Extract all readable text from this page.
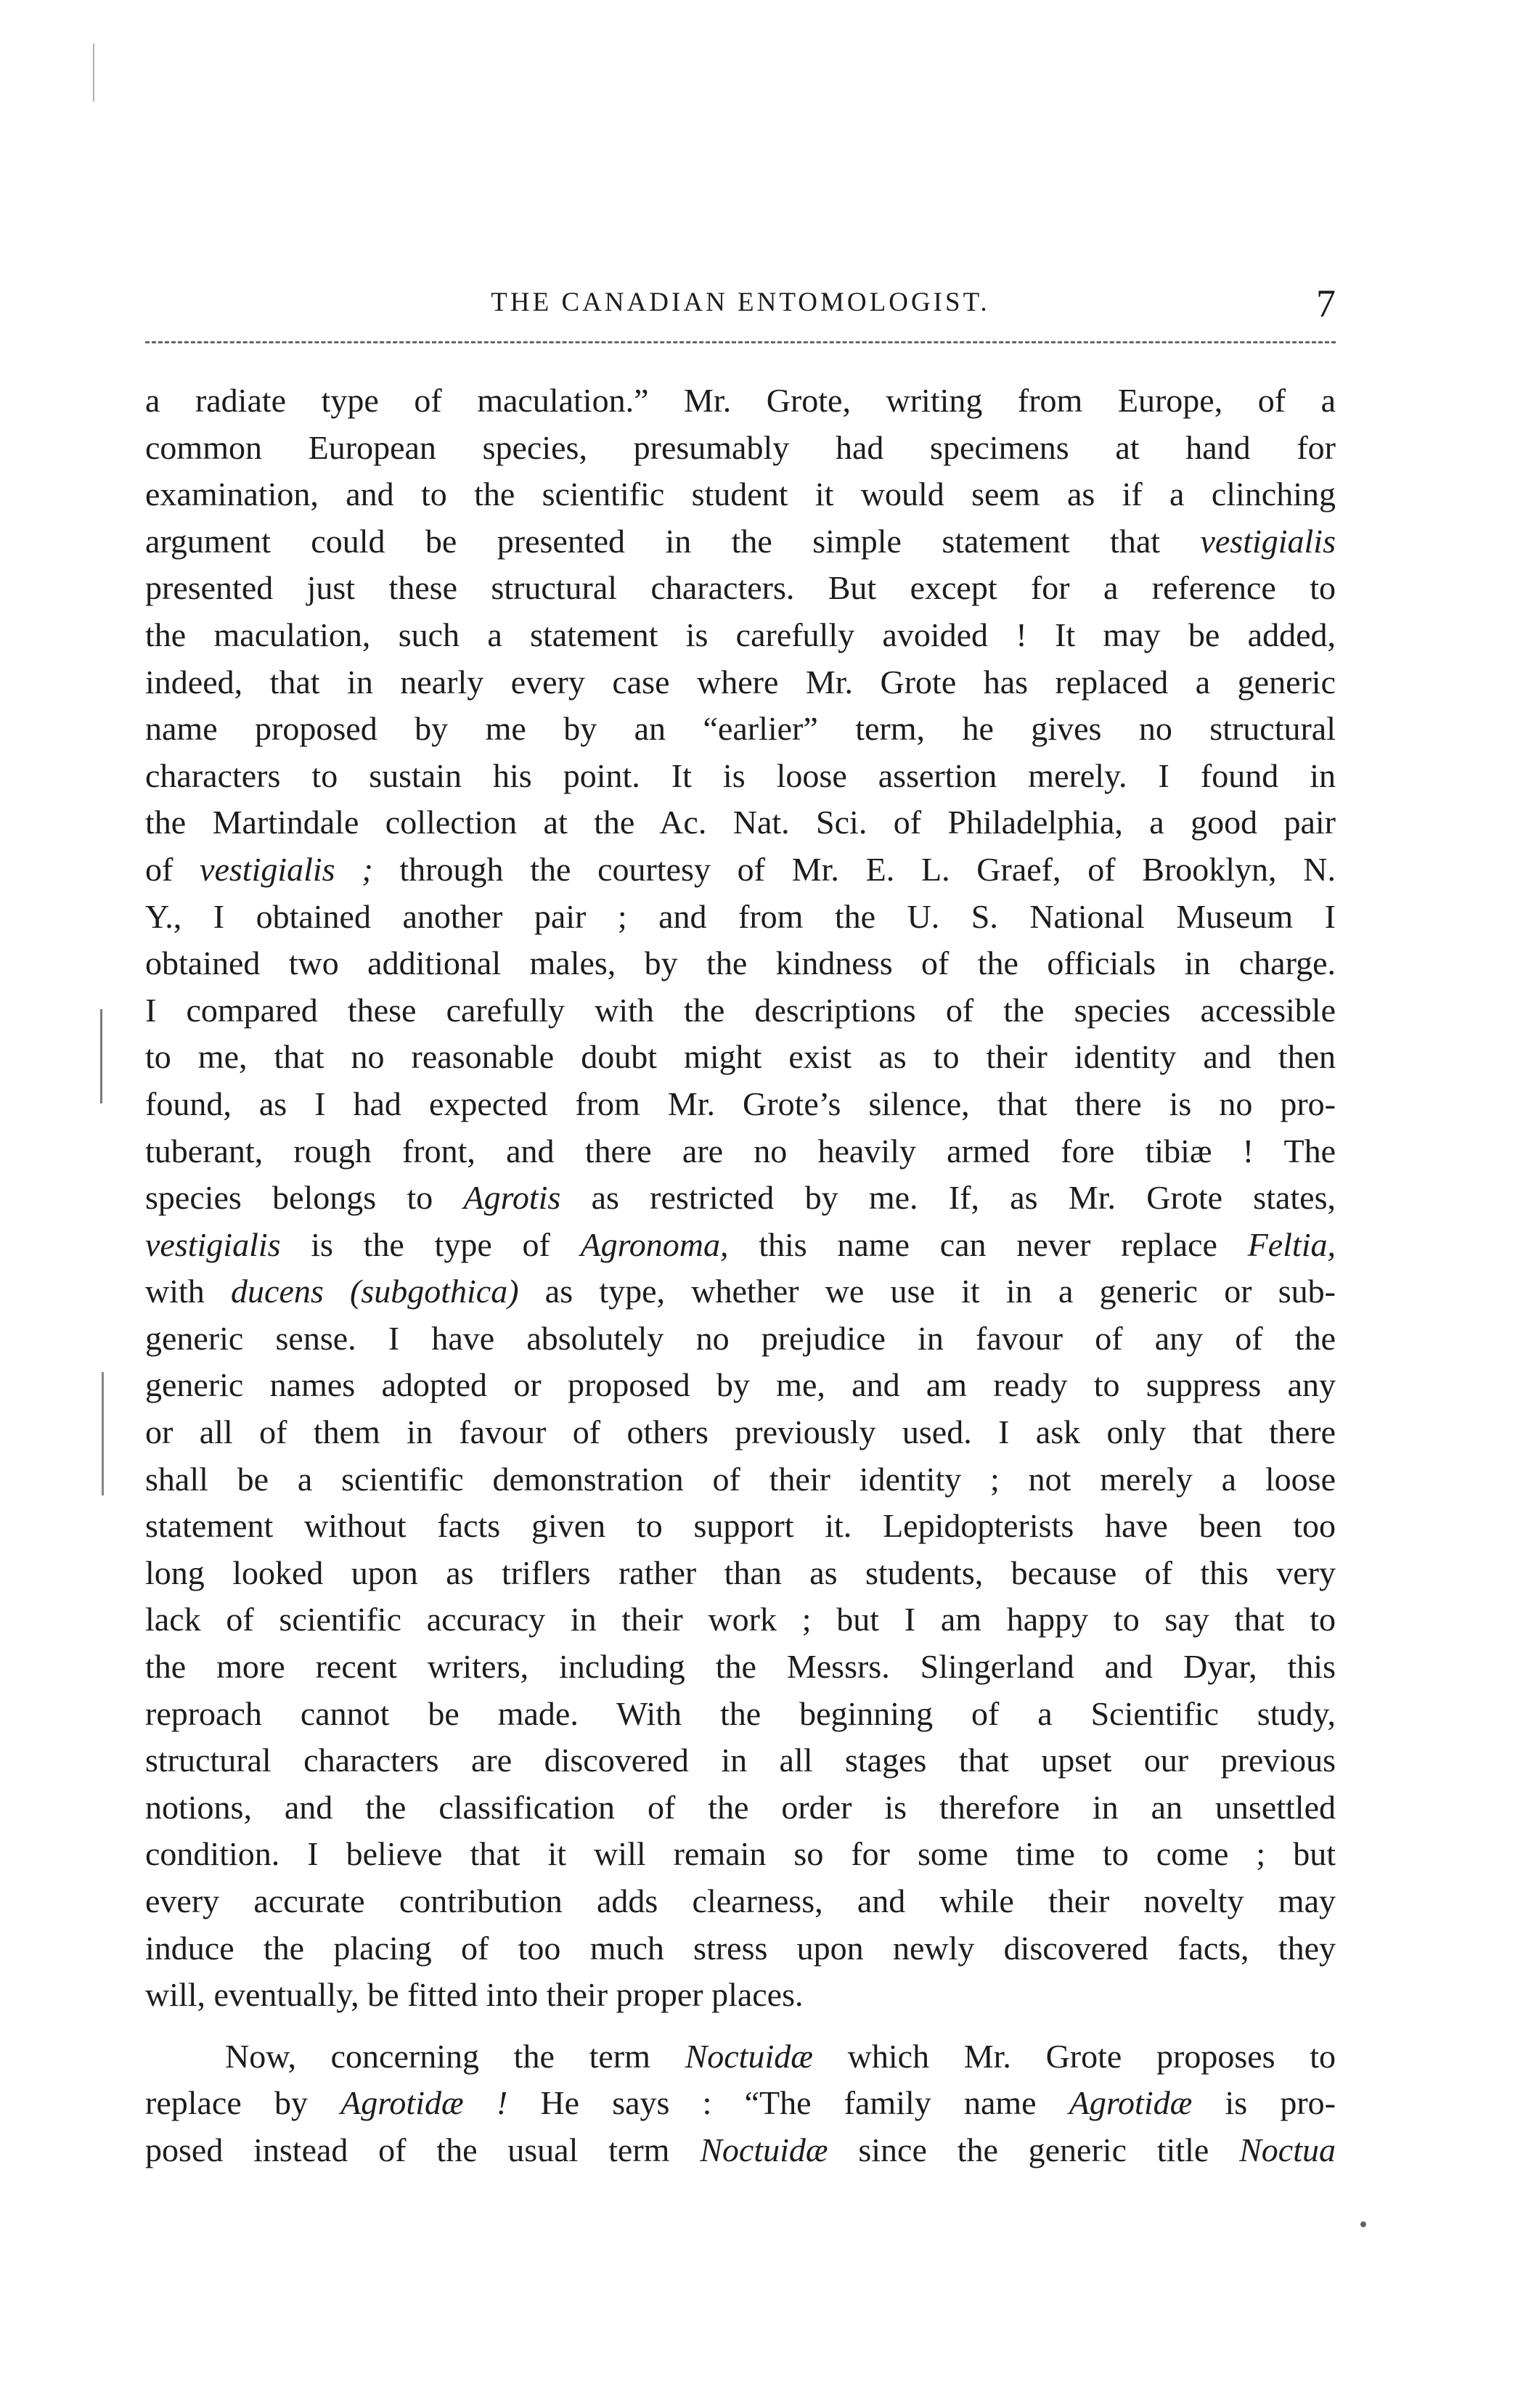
THE CANADIAN ENTOMOLOGIST.	7
a radiate type of maculation.” Mr. Grote, writing from Europe, of a
common European species, presumably had specimens at hand for
examination, and to the scientific student it would seem as if a clinching
argument could be presented in the simple statement that vestigialis
presented just these structural characters. But except for a reference to
the maculation, such a statement is carefully avoided ! It may be added,
indeed, that in nearly every case where Mr. Grote has replaced a generic
name proposed by me by an “earlier” term, he gives no structural
characters to sustain his point. It is loose assertion merely. I found in
the Martindale collection at the Ac. Nat. Sci. of Philadelphia, a good pair
of vestigialis ; through the courtesy of Mr. E. L. Graef, of Brooklyn, N.
Y., I obtained another pair ; and from the U. S. National Museum I
obtained two additional males, by the kindness of the officials in charge.
I compared these carefully with the descriptions of the species accessible
to me, that no reasonable doubt might exist as to their identity and then
found, as I had expected from Mr. Grote’s silence, that there is no pro-
tuberant, rough front, and there are no heavily armed fore tibiæ ! The
species belongs to Agrotis as restricted by me. If, as Mr. Grote states,
vestigialis is the type of Agronoma, this name can never replace Feltia,
with ducens (subgothica) as type, whether we use it in a generic or sub-
generic sense. I have absolutely no prejudice in favour of any of the
generic names adopted or proposed by me, and am ready to suppress any
or all of them in favour of others previously used. I ask only that there
shall be a scientific demonstration of their identity ; not merely a loose
statement without facts given to support it. Lepidopterists have been too
long looked upon as triflers rather than as students, because of this very
lack of scientific accuracy in their work ; but I am happy to say that to
the more recent writers, including the Messrs. Slingerland and Dyar, this
reproach cannot be made. With the beginning of a Scientific study,
structural characters are discovered in all stages that upset our previous
notions, and the classification of the order is therefore in an unsettled
condition. I believe that it will remain so for some time to come ; but
every accurate contribution adds clearness, and while their novelty may
induce the placing of too much stress upon newly discovered facts, they
will, eventually, be fitted into their proper places.
Now, concerning the term Noctuidæ which Mr. Grote proposes to
replace by Agrotidæ ! He says : “The family name Agrotidæ is pro-
posed instead of the usual term Noctuidæ since the generic title Noctua
